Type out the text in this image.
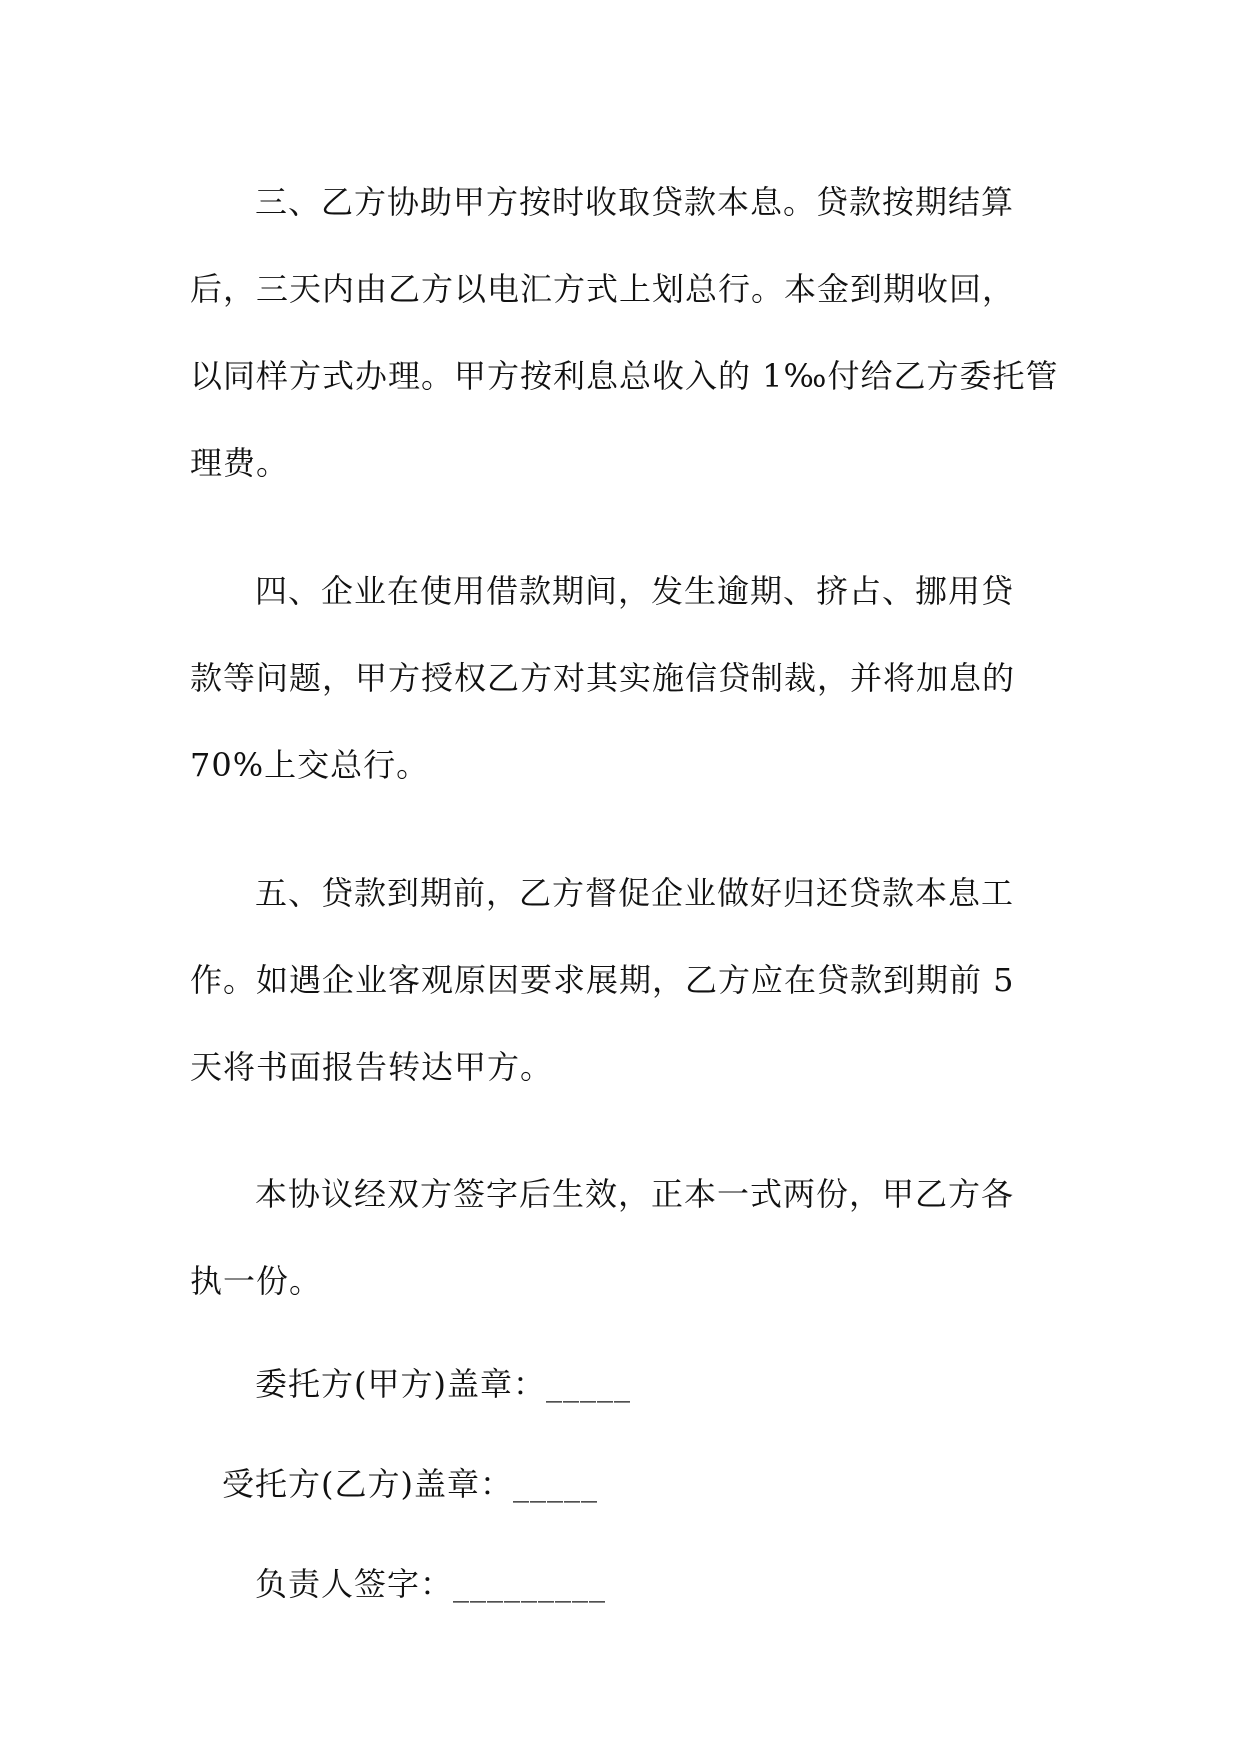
三、乙方协助甲方按时收取贷款本息。贷款按期结算
后，三天内由乙方以电汇方式上划总行。本金到期收回，
以同样方式办理。甲方按利息总收入的 1‰付给乙方委托管
理费。
四、企业在使用借款期间，发生逾期、挤占、挪用贷
款等问题，甲方授权乙方对其实施信贷制裁，并将加息的
70%上交总行。
五、贷款到期前，乙方督促企业做好归还贷款本息工
作。如遇企业客观原因要求展期，乙方应在贷款到期前 5
天将书面报告转达甲方。
本协议经双方签字后生效，正本一式两份，甲乙方各
执一份。
委托方(甲方)盖章：_____
受托方(乙方)盖章：_____
负责人签字：_________
